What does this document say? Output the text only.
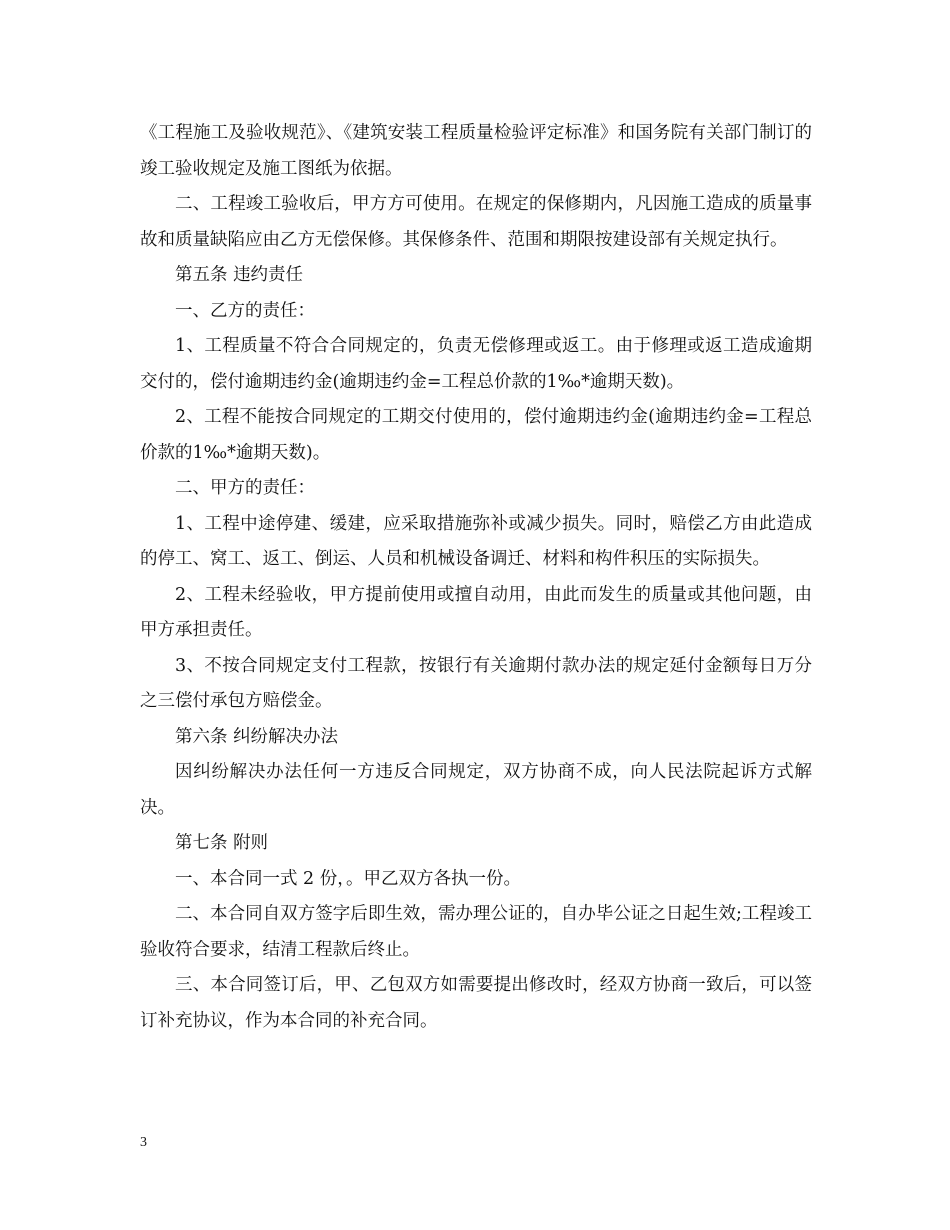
《工程施工及验收规范》、《建筑安装工程质量检验评定标准》和国务院有关部门制订的竣工验收规定及施工图纸为依据。

二、工程竣工验收后，甲方方可使用。在规定的保修期内，凡因施工造成的质量事故和质量缺陷应由乙方无偿保修。其保修条件、范围和期限按建设部有关规定执行。

第五条 违约责任

一、乙方的责任：

1、工程质量不符合合同规定的，负责无偿修理或返工。由于修理或返工造成逾期交付的，偿付逾期违约金(逾期违约金=工程总价款的1‰*逾期天数)。

2、工程不能按合同规定的工期交付使用的，偿付逾期违约金(逾期违约金=工程总价款的1‰*逾期天数)。

二、甲方的责任：

1、工程中途停建、缓建，应采取措施弥补或减少损失。同时，赔偿乙方由此造成的停工、窝工、返工、倒运、人员和机械设备调迁、材料和构件积压的实际损失。

2、工程未经验收，甲方提前使用或擅自动用，由此而发生的质量或其他问题，由甲方承担责任。

3、不按合同规定支付工程款，按银行有关逾期付款办法的规定延付金额每日万分之三偿付承包方赔偿金。

第六条 纠纷解决办法

因纠纷解决办法任何一方违反合同规定，双方协商不成，向人民法院起诉方式解决。

第七条 附则

一、本合同一式 2 份，。甲乙双方各执一份。

二、本合同自双方签字后即生效，需办理公证的，自办毕公证之日起生效;工程竣工验收符合要求，结清工程款后终止。

三、本合同签订后，甲、乙包双方如需要提出修改时，经双方协商一致后，可以签订补充协议，作为本合同的补充合同。

3
